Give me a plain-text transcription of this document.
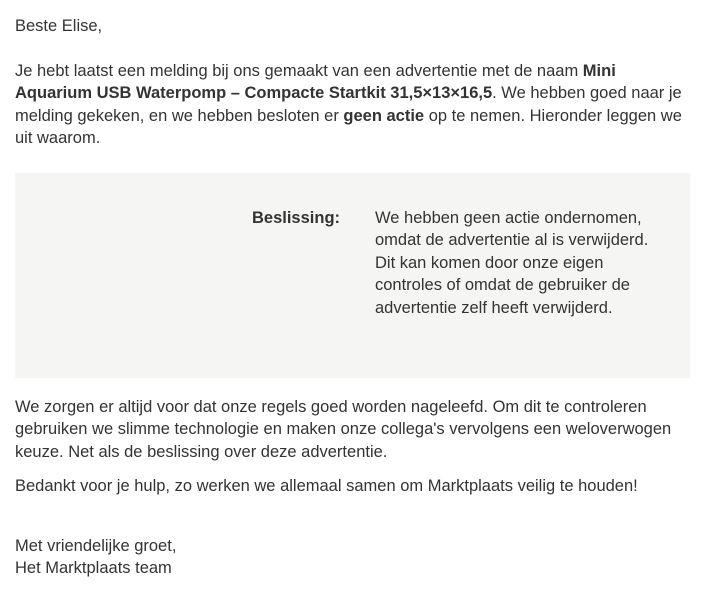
Beste Elise,

Je hebt laatst een melding bij ons gemaakt van een advertentie met de naam Mini Aquarium USB Waterpomp – Compacte Startkit 31,5×13×16,5. We hebben goed naar je melding gekeken, en we hebben besloten er geen actie op te nemen. Hieronder leggen we uit waarom.

Beslissing:	We hebben geen actie ondernomen, omdat de advertentie al is verwijderd. Dit kan komen door onze eigen controles of omdat de gebruiker de advertentie zelf heeft verwijderd.

We zorgen er altijd voor dat onze regels goed worden nageleefd. Om dit te controleren gebruiken we slimme technologie en maken onze collega's vervolgens een weloverwogen keuze. Net als de beslissing over deze advertentie.

Bedankt voor je hulp, zo werken we allemaal samen om Marktplaats veilig te houden!

Met vriendelijke groet,

Het Marktplaats team
